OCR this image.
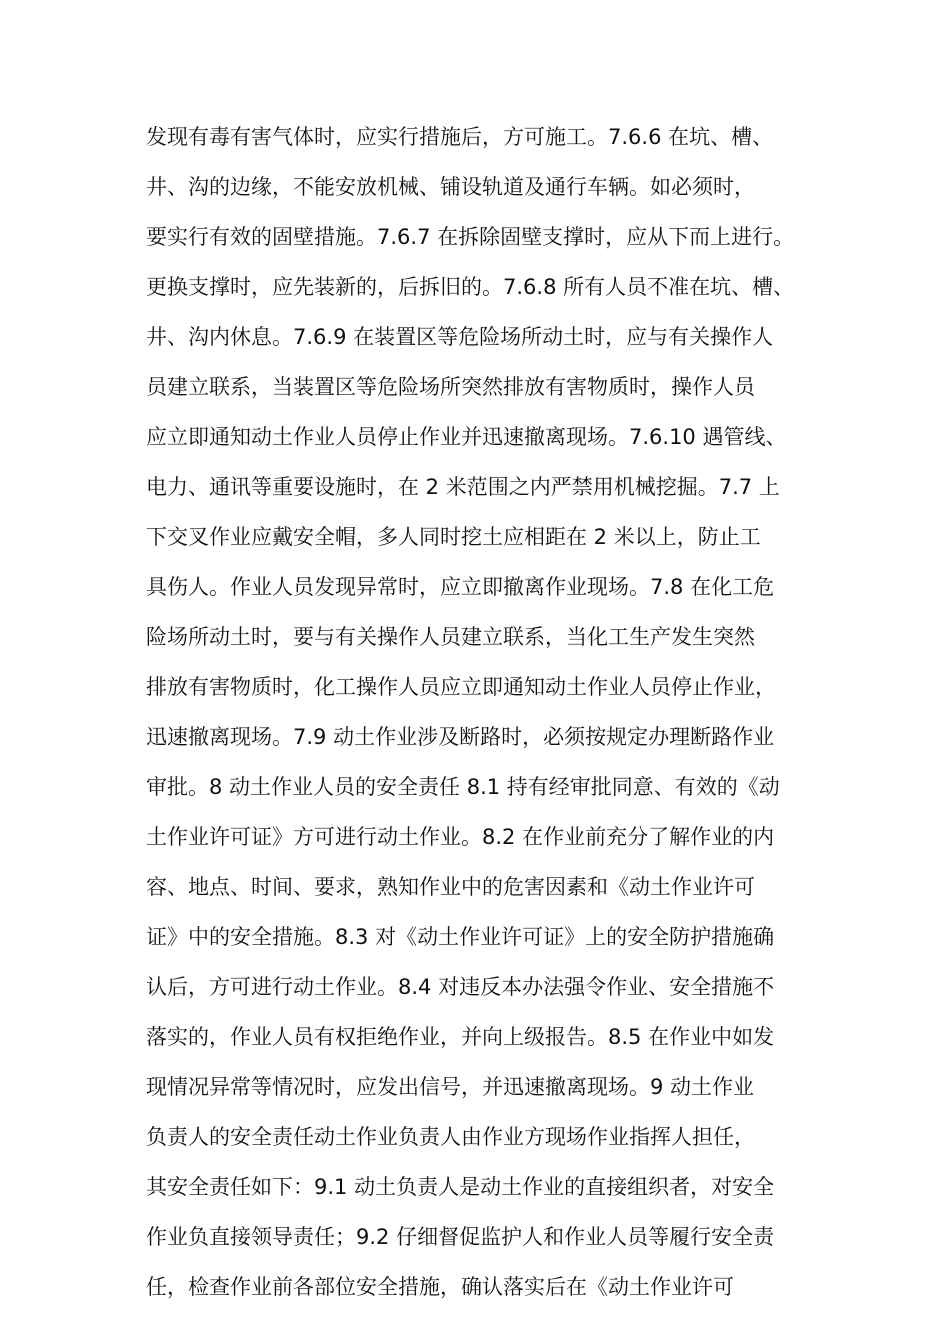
发现有毒有害气体时，应实行措施后，方可施工。7.6.6 在坑、槽、
井、沟的边缘，不能安放机械、铺设轨道及通行车辆。如必须时，
要实行有效的固壁措施。7.6.7 在拆除固壁支撑时，应从下而上进行。
更换支撑时，应先装新的，后拆旧的。7.6.8 所有人员不准在坑、槽、
井、沟内休息。7.6.9 在装置区等危险场所动土时，应与有关操作人
员建立联系，当装置区等危险场所突然排放有害物质时，操作人员
应立即通知动土作业人员停止作业并迅速撤离现场。7.6.10 遇管线、
电力、通讯等重要设施时，在 2 米范围之内严禁用机械挖掘。7.7 上
下交叉作业应戴安全帽，多人同时挖土应相距在 2 米以上，防止工
具伤人。作业人员发现异常时，应立即撤离作业现场。7.8 在化工危
险场所动土时，要与有关操作人员建立联系，当化工生产发生突然
排放有害物质时，化工操作人员应立即通知动土作业人员停止作业，
迅速撤离现场。7.9 动土作业涉及断路时，必须按规定办理断路作业
审批。8 动土作业人员的安全责任 8.1 持有经审批同意、有效的《动
土作业许可证》方可进行动土作业。8.2 在作业前充分了解作业的内
容、地点、时间、要求，熟知作业中的危害因素和《动土作业许可
证》中的安全措施。8.3 对《动土作业许可证》上的安全防护措施确
认后，方可进行动土作业。8.4 对违反本办法强令作业、安全措施不
落实的，作业人员有权拒绝作业，并向上级报告。8.5 在作业中如发
现情况异常等情况时，应发出信号，并迅速撤离现场。9 动土作业
负责人的安全责任动土作业负责人由作业方现场作业指挥人担任，
其安全责任如下：9.1 动土负责人是动土作业的直接组织者，对安全
作业负直接领导责任；9.2 仔细督促监护人和作业人员等履行安全责
任，检查作业前各部位安全措施，确认落实后在《动土作业许可
